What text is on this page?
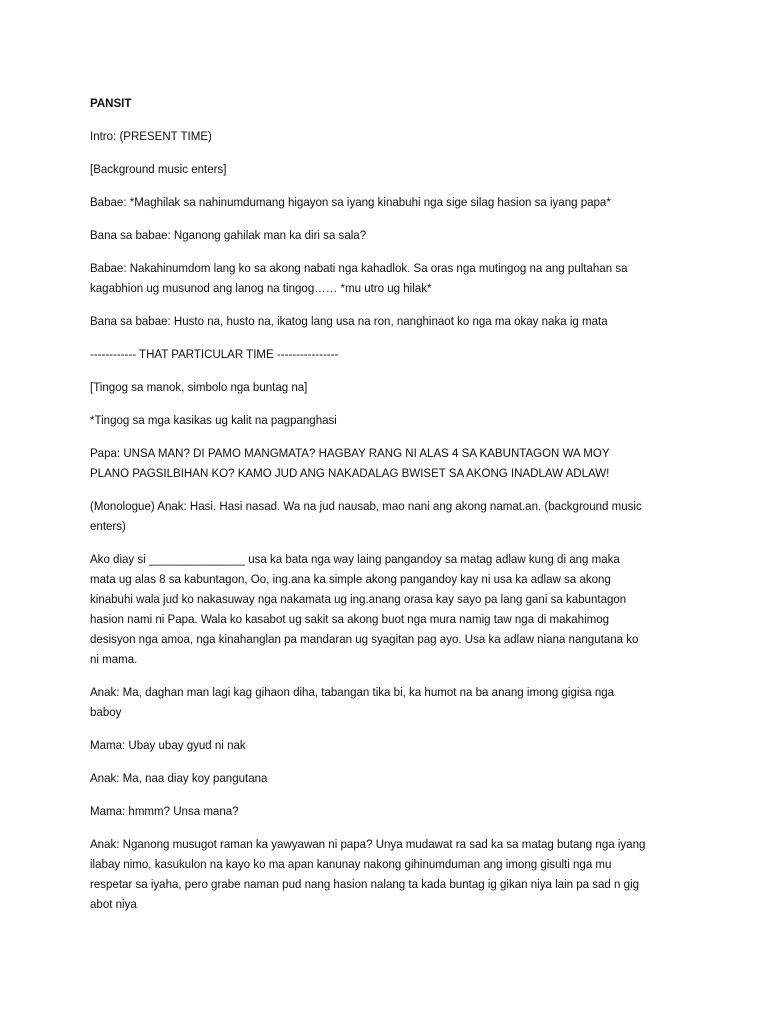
PANSIT

Intro: (PRESENT TIME)

[Background music enters]

Babae: *Maghilak sa nahinumdumang higayon sa iyang kinabuhi nga sige silag hasion sa iyang papa*

Bana sa babae: Nganong gahilak man ka diri sa sala?

Babae: Nakahinumdom lang ko sa akong nabati nga kahadlok. Sa oras nga mutingog na ang pultahan sa kagabhion ug musunod ang lanog na tingog…… *mu utro ug hilak*

Bana sa babae: Husto na, husto na, ikatog lang usa na ron, nanghinaot ko nga ma okay naka ig mata

------------ THAT PARTICULAR TIME ----------------

[Tingog sa manok, simbolo nga buntag na]

*Tingog sa mga kasikas ug kalit na pagpanghasi

Papa: UNSA MAN? DI PAMO MANGMATA? HAGBAY RANG NI ALAS 4 SA KABUNTAGON WA MOY PLANO PAGSILBIHAN KO? KAMO JUD ANG NAKADALAG BWISET SA AKONG INADLAW ADLAW!

(Monologue) Anak: Hasi. Hasi nasad. Wa na jud nausab, mao nani ang akong namat.an. (background music enters)

Ako diay si _______________ usa ka bata nga way laing pangandoy sa matag adlaw kung di ang maka mata ug alas 8 sa kabuntagon, Oo, ing.ana ka simple akong pangandoy kay ni usa ka adlaw sa akong kinabuhi wala jud ko nakasuway nga nakamata ug ing.anang orasa kay sayo pa lang gani sa kabuntagon hasion nami ni Papa. Wala ko kasabot ug sakit sa akong buot nga mura namig taw nga di makahimog desisyon nga amoa, nga kinahanglan pa mandaran ug syagitan pag ayo. Usa ka adlaw niana nangutana ko ni mama.

Anak: Ma, daghan man lagi kag gihaon diha, tabangan tika bi, ka humot na ba anang imong gigisa nga baboy

Mama: Ubay ubay gyud ni nak

Anak: Ma, naa diay koy pangutana

Mama: hmmm? Unsa mana?

Anak: Nganong musugot raman ka yawyawan ni papa? Unya mudawat ra sad ka sa matag butang nga iyang ilabay nimo, kasukulon na kayo ko ma apan kanunay nakong gihinumduman ang imong gisulti nga mu respetar sa iyaha, pero grabe naman pud nang hasion nalang ta kada buntag ig gikan niya lain pa sad n gig abot niya
